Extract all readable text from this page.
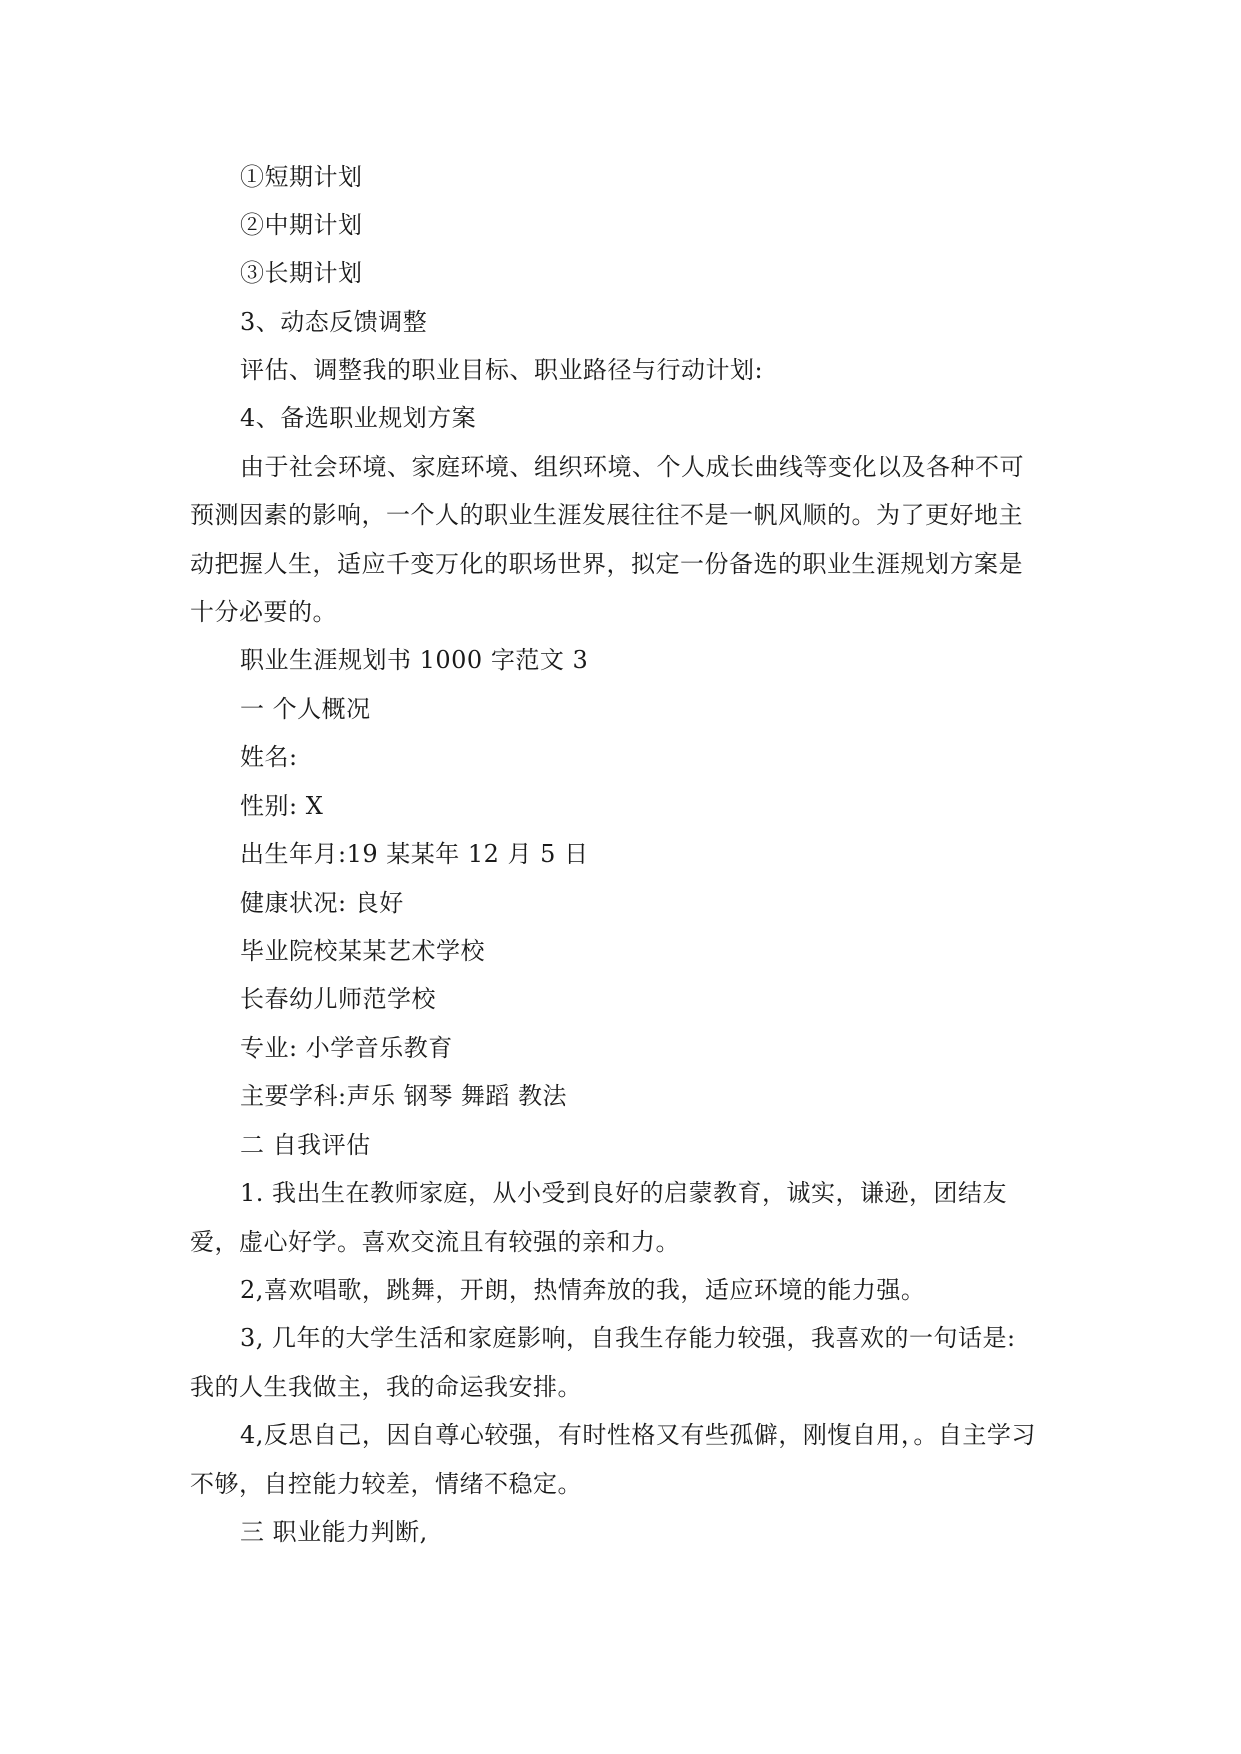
①短期计划
②中期计划
③长期计划
3、动态反馈调整
评估、调整我的职业目标、职业路径与行动计划:
4、备选职业规划方案
由于社会环境、家庭环境、组织环境、个人成长曲线等变化以及各种不可
预测因素的影响，一个人的职业生涯发展往往不是一帆风顺的。为了更好地主
动把握人生，适应千变万化的职场世界，拟定一份备选的职业生涯规划方案是
十分必要的。
职业生涯规划书 1000 字范文 3
一 个人概况
姓名:
性别: X
出生年月:19 某某年 12 月 5 日
健康状况: 良好
毕业院校某某艺术学校
长春幼儿师范学校
专业: 小学音乐教育
主要学科:声乐 钢琴 舞蹈 教法
二 自我评估
1. 我出生在教师家庭，从小受到良好的启蒙教育，诚实，谦逊，团结友
爱，虚心好学。喜欢交流且有较强的亲和力。
2,喜欢唱歌，跳舞，开朗，热情奔放的我，适应环境的能力强。
3, 几年的大学生活和家庭影响，自我生存能力较强，我喜欢的一句话是:
我的人生我做主，我的命运我安排。
4,反思自己，因自尊心较强，有时性格又有些孤僻，刚愎自用，。自主学习
不够，自控能力较差，情绪不稳定。
三 职业能力判断,
